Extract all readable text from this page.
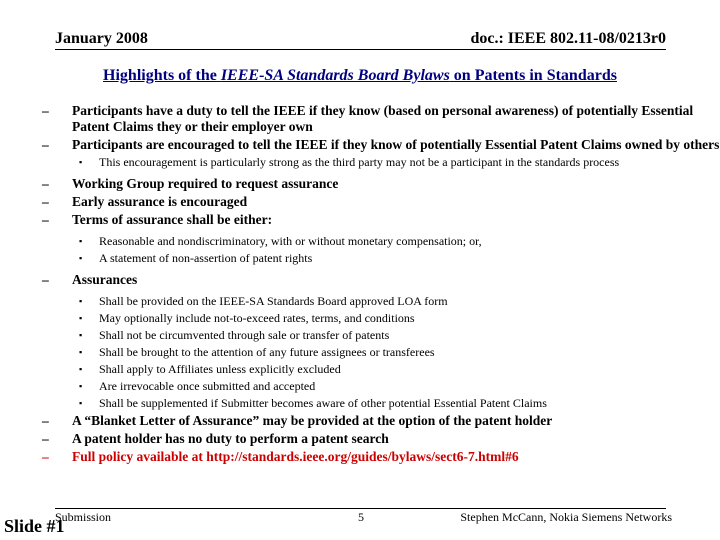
January 2008	doc.: IEEE 802.11-08/0213r0
Highlights of the IEEE-SA Standards Board Bylaws on Patents in Standards
– Participants have a duty to tell the IEEE if they know (based on personal awareness) of potentially Essential Patent Claims they or their employer own
– Participants are encouraged to tell the IEEE if they know of potentially Essential Patent Claims owned by others
▪ This encouragement is particularly strong as the third party may not be a participant in the standards process
– Working Group required to request assurance
– Early assurance is encouraged
– Terms of assurance shall be either:
▪ Reasonable and nondiscriminatory, with or without monetary compensation; or,
▪ A statement of non-assertion of patent rights
– Assurances
▪ Shall be provided on the IEEE-SA Standards Board approved LOA form
▪ May optionally include not-to-exceed rates, terms, and conditions
▪ Shall not be circumvented through sale or transfer of patents
▪ Shall be brought to the attention of any future assignees or transferees
▪ Shall apply to Affiliates unless explicitly excluded
▪ Are irrevocable once submitted and accepted
▪ Shall be supplemented if Submitter becomes aware of other potential Essential Patent Claims
– A “Blanket Letter of Assurance” may be provided at the option of the patent holder
– A patent holder has no duty to perform a patent search
– Full policy available at http://standards.ieee.org/guides/bylaws/sect6-7.html#6
Submission	5	Stephen McCann, Nokia Siemens Networks
Slide #1
